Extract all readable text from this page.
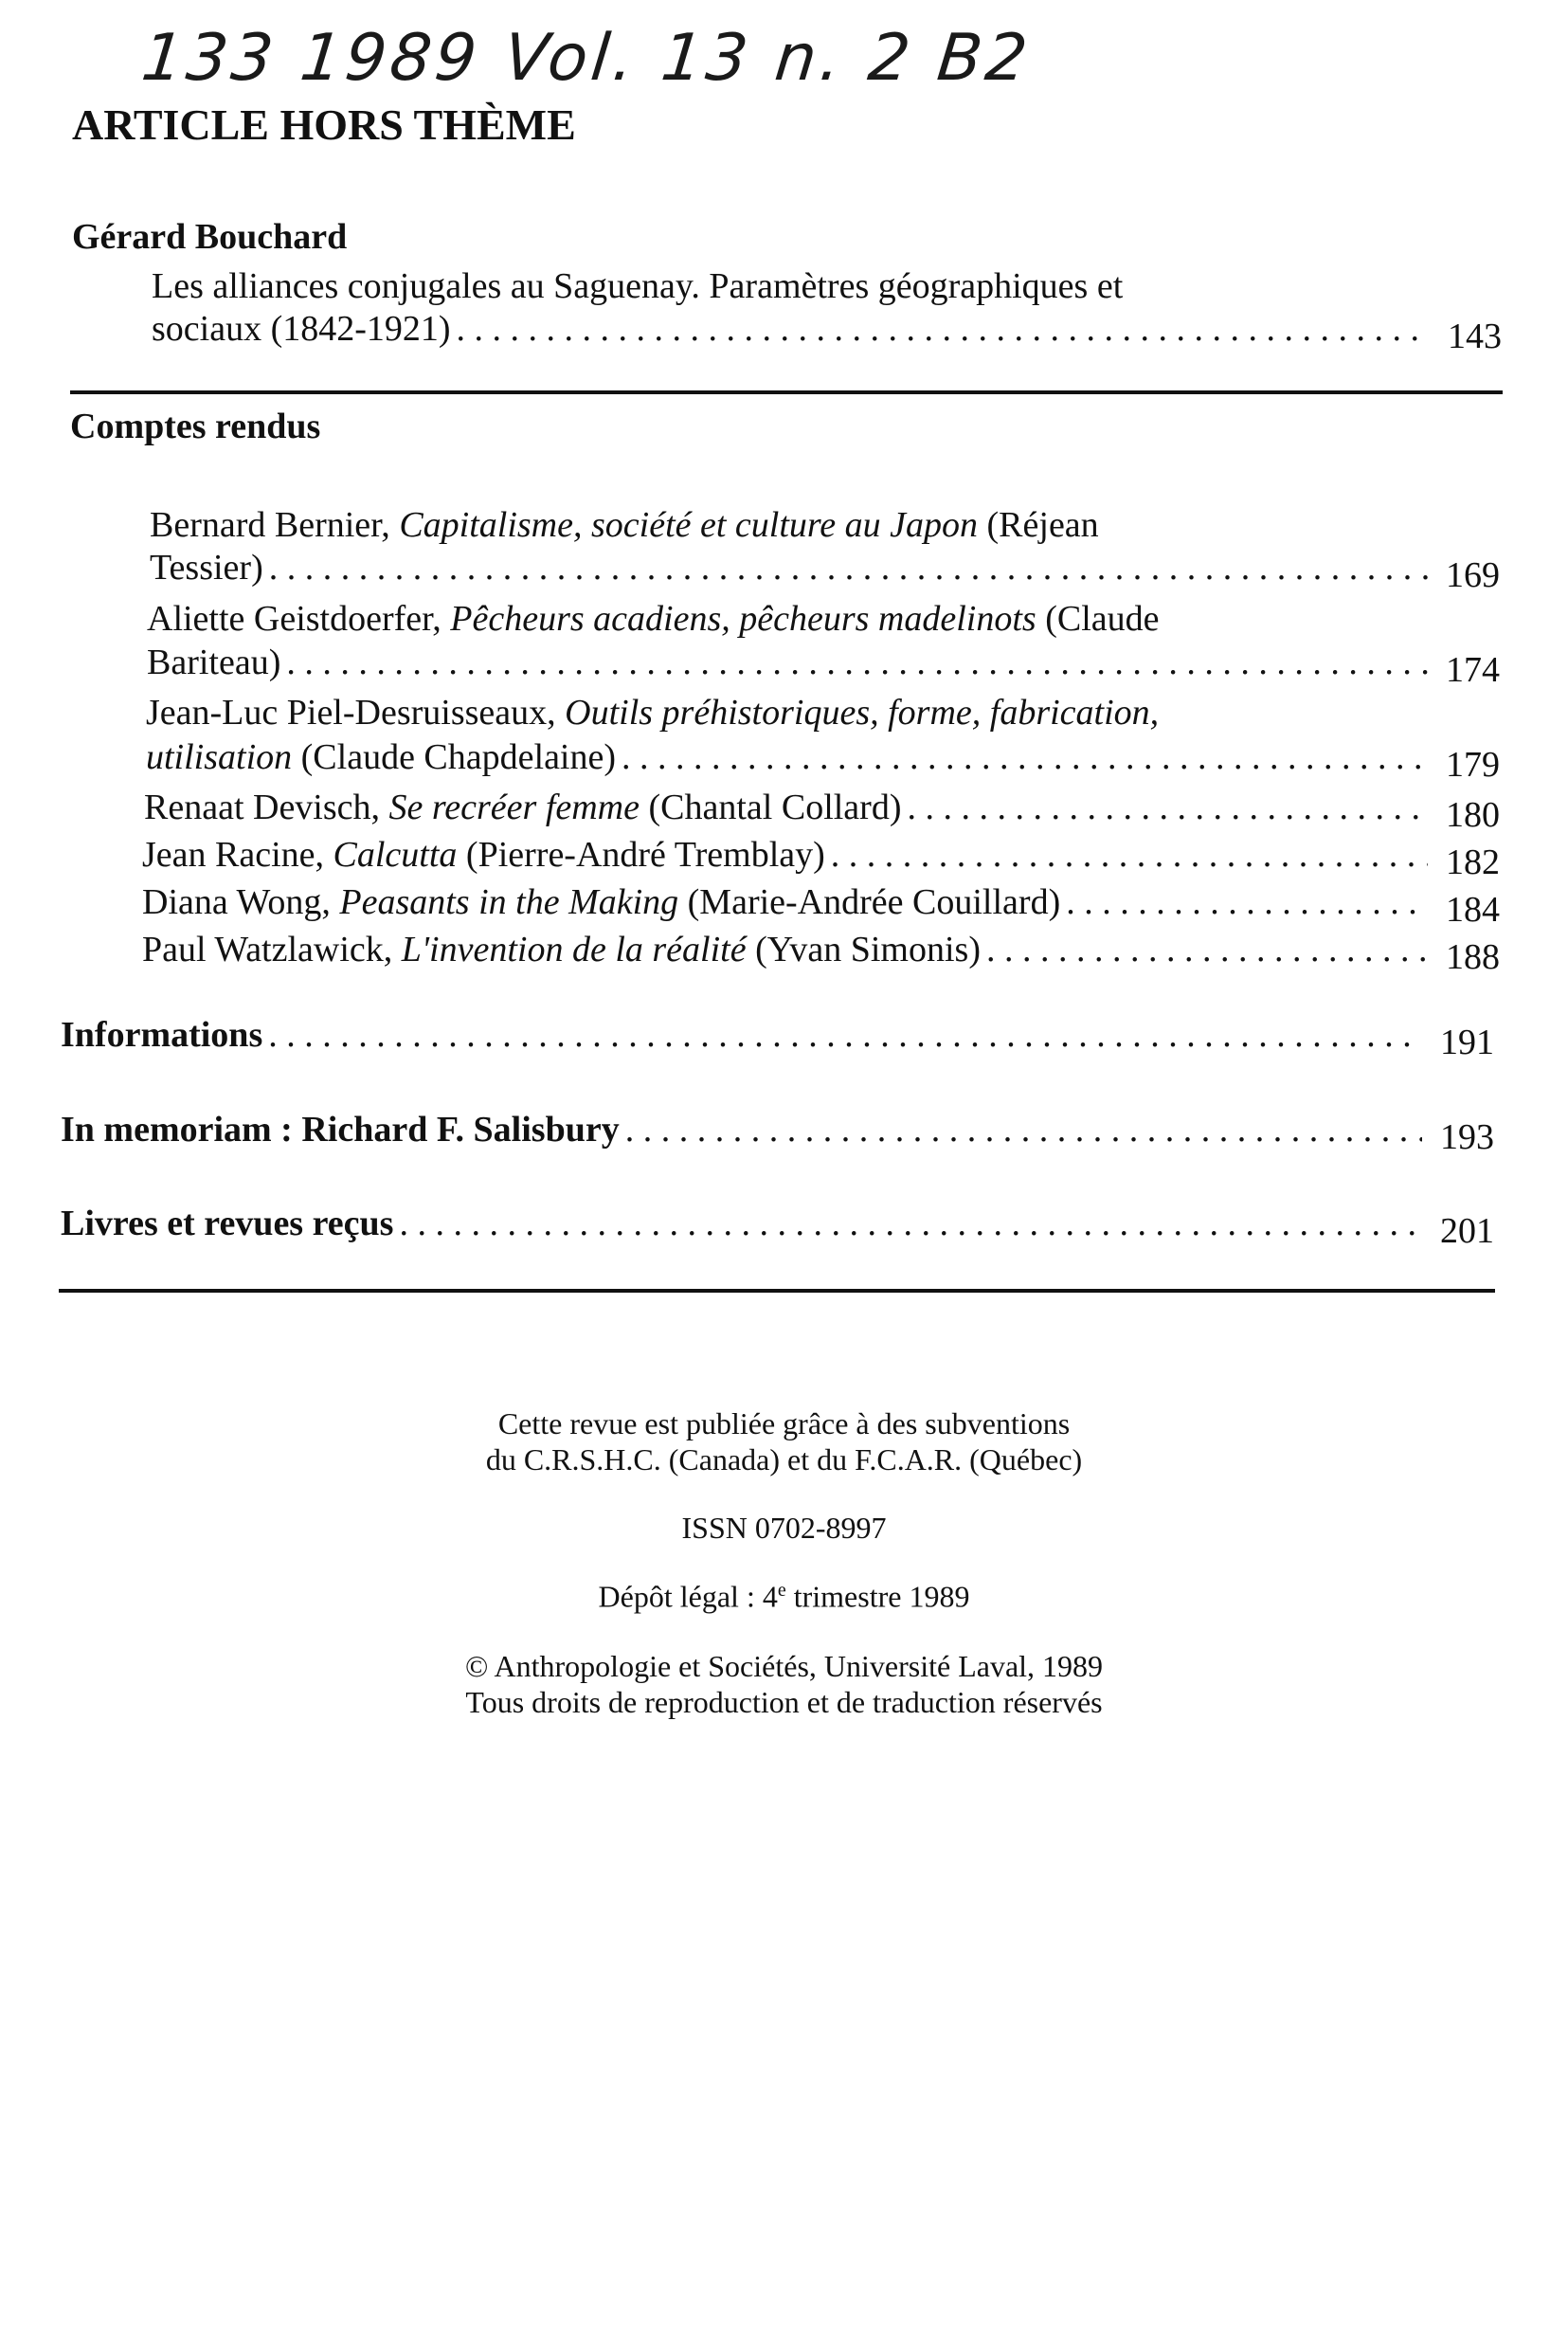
133 1989 Vol. 13 n. 2 B2
ARTICLE HORS THÈME
Gérard Bouchard
Les alliances conjugales au Saguenay. Paramètres géographiques et
sociaux (1842-1921) . . .	143
Comptes rendus
Bernard Bernier, Capitalisme, société et culture au Japon (Réjean
Tessier) . . .	169
Aliette Geistdoerfer, Pêcheurs acadiens, pêcheurs madelinots (Claude
Bariteau) . . .	174
Jean-Luc Piel-Desruisseaux, Outils préhistoriques, forme, fabrication,
utilisation (Claude Chapdelaine) . . .	179
Renaat Devisch, Se recréer femme (Chantal Collard) . . .	180
Jean Racine, Calcutta (Pierre-André Tremblay) . . .	182
Diana Wong, Peasants in the Making (Marie-Andrée Couillard) . . .	184
Paul Watzlawick, L'invention de la réalité (Yvan Simonis) . . .	188
Informations . . .	191
In memoriam : Richard F. Salisbury . . .	193
Livres et revues reçus . . .	201
Cette revue est publiée grâce à des subventions
du C.R.S.H.C. (Canada) et du F.C.A.R. (Québec)
ISSN 0702-8997
Dépôt légal : 4e trimestre 1989
© Anthropologie et Sociétés, Université Laval, 1989
Tous droits de reproduction et de traduction réservés
